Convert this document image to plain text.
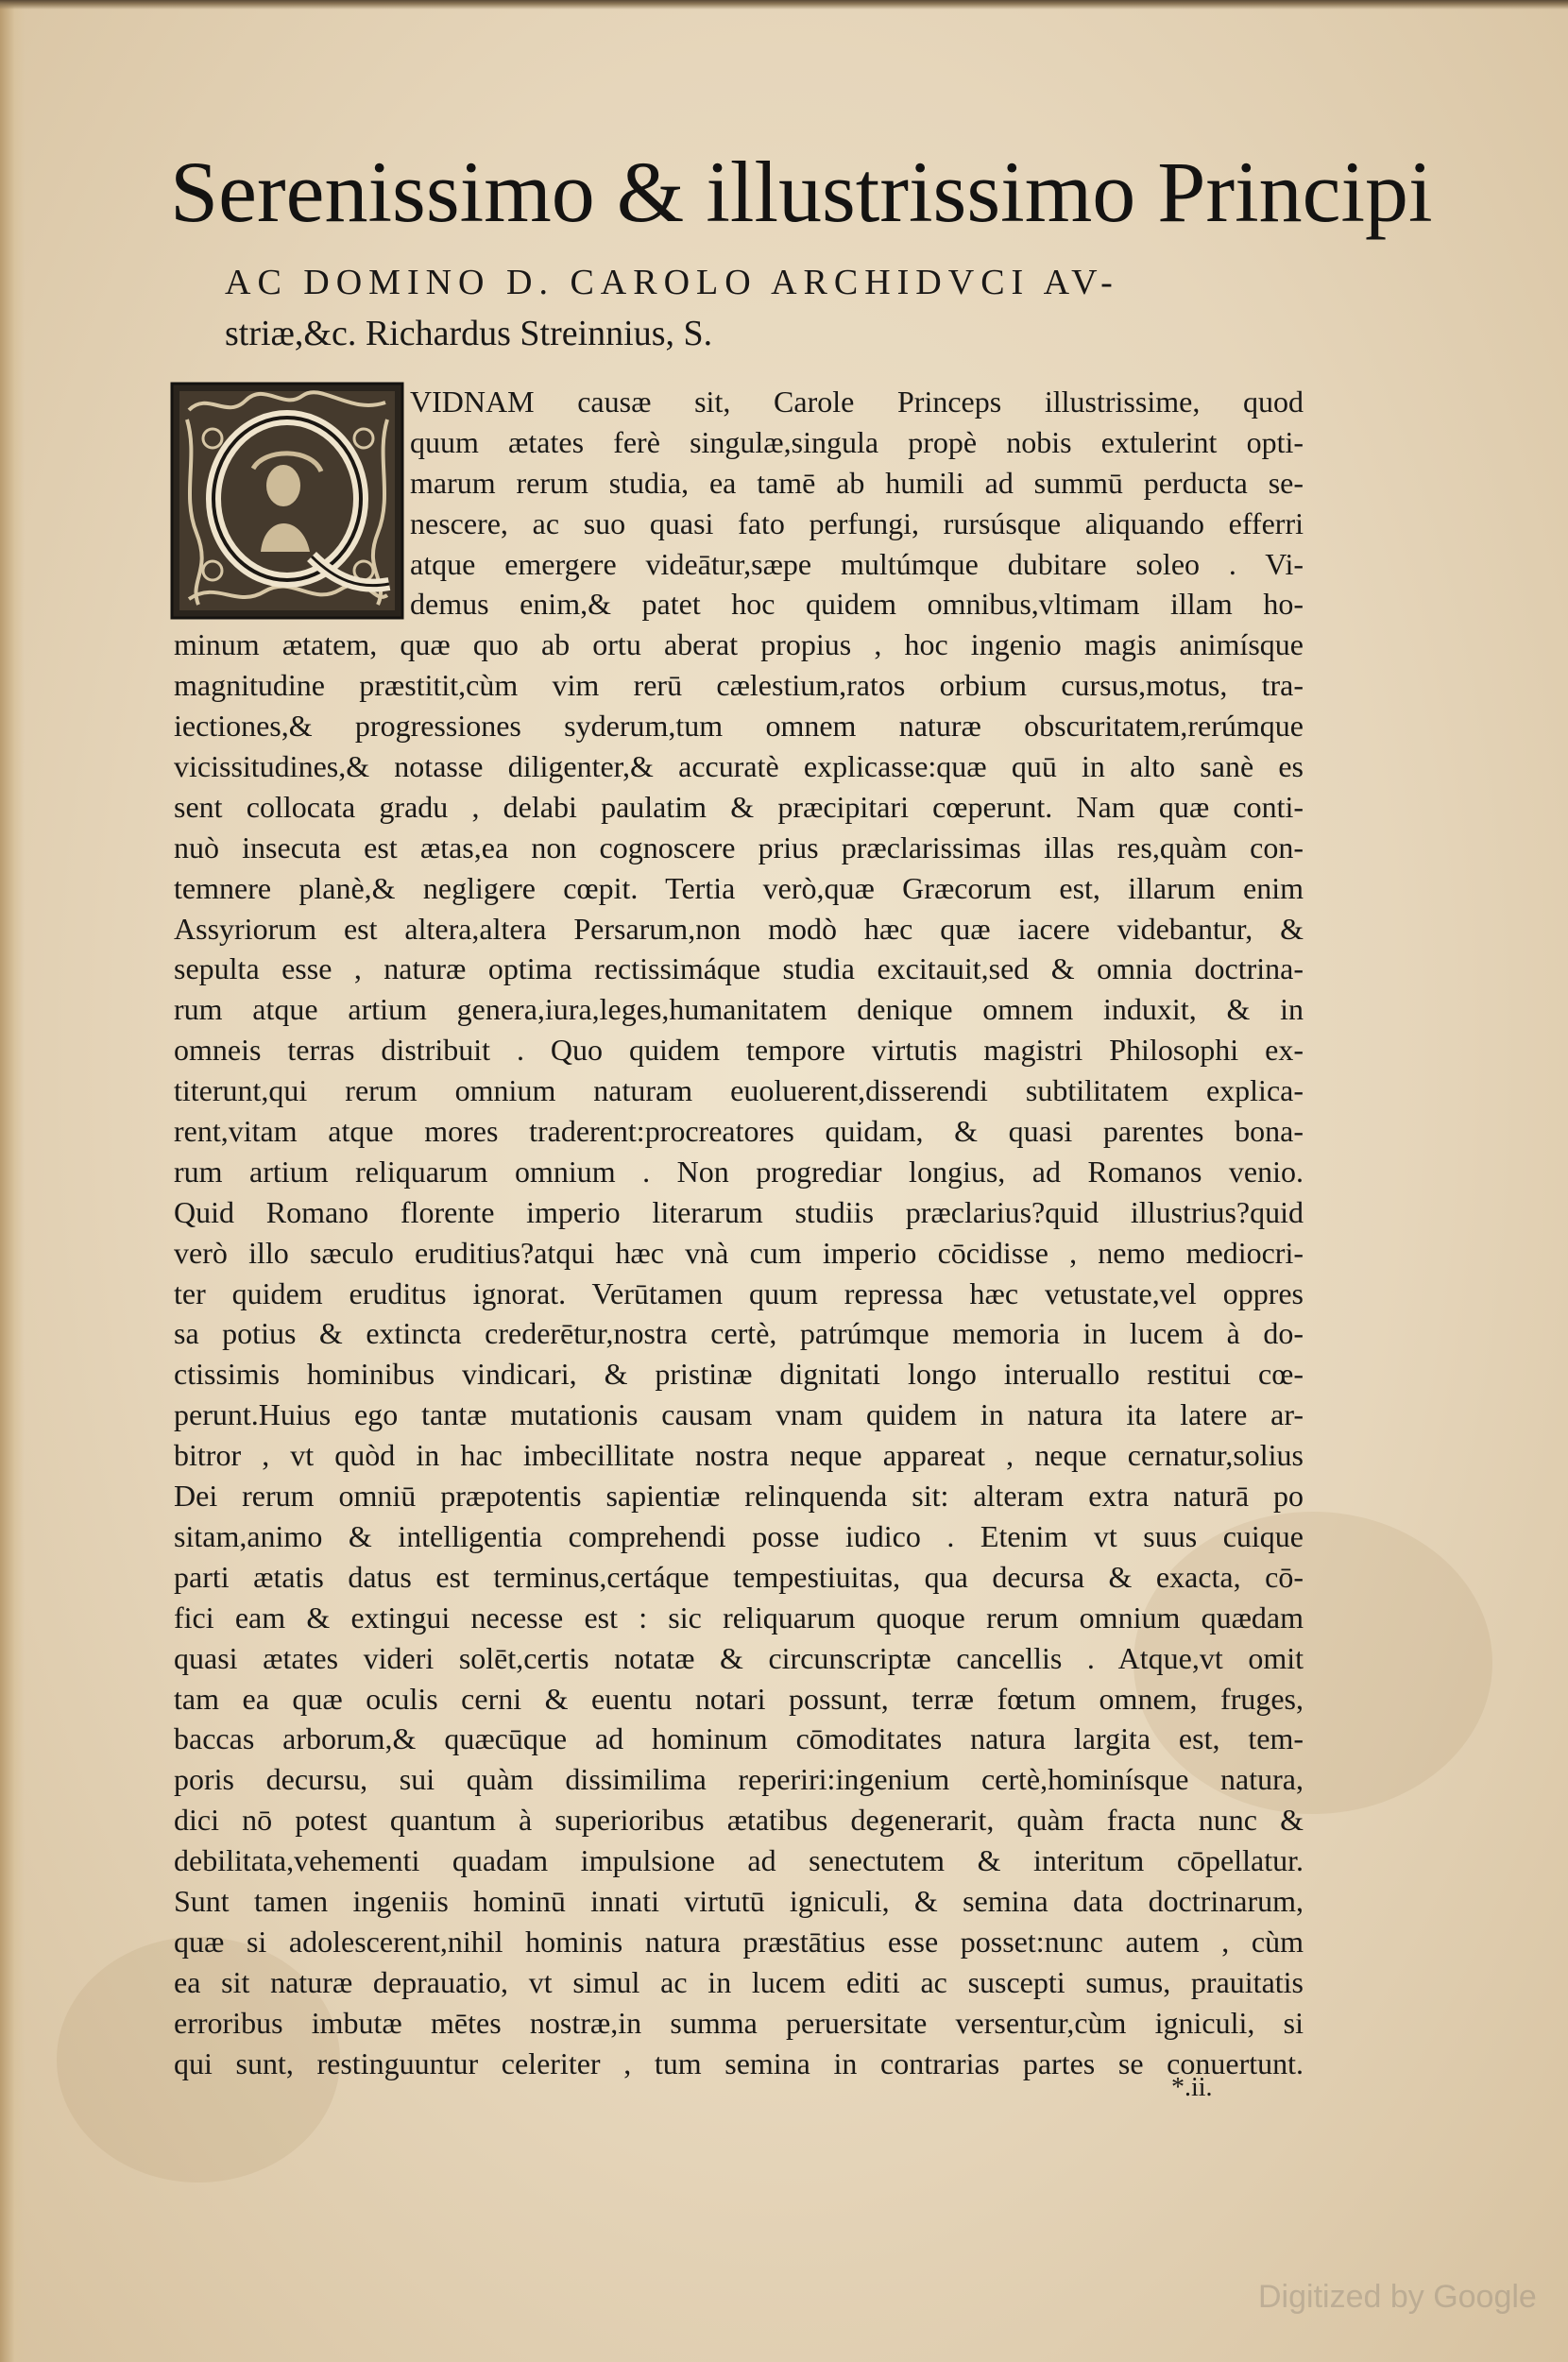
Serenissimo & illustrissimo Principi
AC DOMINO D. CAROLO ARCHIDVCI AV-
striæ,&c. Richardus Streinnius, S.
VIDNAM causæ sit, Carole Princeps illustrissime, quod
quum ætates ferè singulæ,singula propè nobis extulerint opti-
marum rerum studia, ea tamē ab humili ad summū perducta se-
nescere, ac suo quasi fato perfungi, rursúsque aliquando efferri
atque emergere videātur,sæpe multúmque dubitare soleo . Vi-
demus enim,& patet hoc quidem omnibus,vltimam illam ho-
minum ætatem, quæ quo ab ortu aberat propius , hoc ingenio magis animísque
magnitudine præstitit,cùm vim rerū cælestium,ratos orbium cursus,motus, tra-
iectiones,& progressiones syderum,tum omnem naturæ obscuritatem,rerúmque
vicissitudines,& notasse diligenter,& accuratè explicasse:quæ quū in alto sanè es
sent collocata gradu , delabi paulatim & præcipitari cœperunt. Nam quæ conti-
nuò insecuta est ætas,ea non cognoscere prius præclarissimas illas res,quàm con-
temnere planè,& negligere cœpit. Tertia verò,quæ Græcorum est, illarum enim
Assyriorum est altera,altera Persarum,non modò hæc quæ iacere videbantur, &
sepulta esse , naturæ optima rectissimáque studia excitauit,sed & omnia doctrina-
rum atque artium genera,iura,leges,humanitatem denique omnem induxit, & in
omneis terras distribuit . Quo quidem tempore virtutis magistri Philosophi ex-
titerunt,qui rerum omnium naturam euoluerent,disserendi subtilitatem explica-
rent,vitam atque mores traderent:procreatores quidam, & quasi parentes bona-
rum artium reliquarum omnium . Non progrediar longius, ad Romanos venio.
Quid Romano florente imperio literarum studiis præclarius?quid illustrius?quid
verò illo sæculo eruditius?atqui hæc vnà cum imperio cōcidisse , nemo mediocri-
ter quidem eruditus ignorat. Verūtamen quum repressa hæc vetustate,vel oppres
sa potius & extincta crederētur,nostra certè, patrúmque memoria in lucem à do-
ctissimis hominibus vindicari, & pristinæ dignitati longo interuallo restitui cœ-
perunt.Huius ego tantæ mutationis causam vnam quidem in natura ita latere ar-
bitror , vt quòd in hac imbecillitate nostra neque appareat , neque cernatur,solius
Dei rerum omniū præpotentis sapientiæ relinquenda sit: alteram extra naturā po
sitam,animo & intelligentia comprehendi posse iudico . Etenim vt suus cuique
parti ætatis datus est terminus,certáque tempestiuitas, qua decursa & exacta, cō-
fici eam & extingui necesse est : sic reliquarum quoque rerum omnium quædam
quasi ætates videri solēt,certis notatæ & circunscriptæ cancellis . Atque,vt omit
tam ea quæ oculis cerni & euentu notari possunt, terræ fœtum omnem, fruges,
baccas arborum,& quæcūque ad hominum cōmoditates natura largita est, tem-
poris decursu, sui quàm dissimilima reperiri:ingenium certè,hominísque natura,
dici nō potest quantum à superioribus ætatibus degenerarit, quàm fracta nunc &
debilitata,vehementi quadam impulsione ad senectutem & interitum cōpellatur.
Sunt tamen ingeniis hominū innati virtutū igniculi, & semina data doctrinarum,
quæ si adolescerent,nihil hominis natura præstātius esse posset:nunc autem , cùm
ea sit naturæ deprauatio, vt simul ac in lucem editi ac suscepti sumus, prauitatis
erroribus imbutæ mētes nostræ,in summa peruersitate versentur,cùm igniculi, si
qui sunt, restinguuntur celeriter , tum semina in contrarias partes se conuertunt.
*.ii.
Digitized by Google
